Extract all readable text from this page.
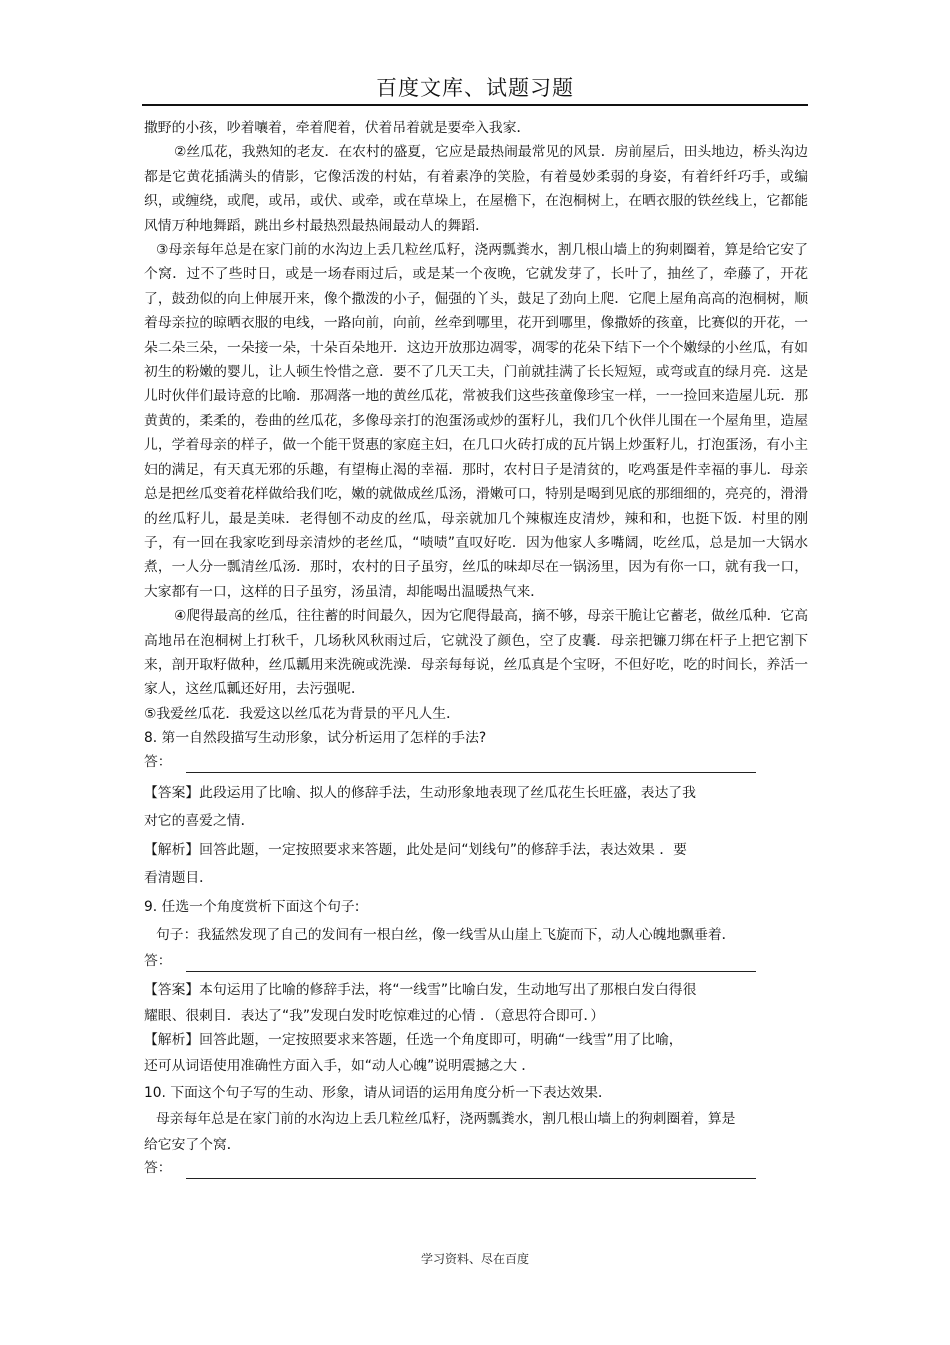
百度文库、试题习题

撒野的小孩，吵着嚷着，牵着爬着，伏着吊着就是要牵入我家．

②丝瓜花，我熟知的老友．在农村的盛夏，它应是最热闹最常见的风景．房前屋后，田头地边，桥头沟边都是它黄花插满头的倩影，它像活泼的村姑，有着素净的笑脸，有着曼妙柔弱的身姿，有着纤纤巧手，或编织，或缠绕，或爬，或吊，或伏、或牵，或在草垛上，在屋檐下，在泡桐树上，在晒衣服的铁丝线上，它都能风情万种地舞蹈，跳出乡村最热烈最热闹最动人的舞蹈．

③母亲每年总是在家门前的水沟边上丢几粒丝瓜籽，浇两瓢粪水，割几根山墙上的狗刺圈着，算是给它安了个窝．过不了些时日，或是一场春雨过后，或是某一个夜晚，它就发芽了，长叶了，抽丝了，牵藤了，开花了，鼓劲似的向上伸展开来，像个撒泼的小子，倔强的丫头，鼓足了劲向上爬．它爬上屋角高高的泡桐树，顺着母亲拉的晾晒衣服的电线，一路向前，向前，丝牵到哪里，花开到哪里，像撒娇的孩童，比赛似的开花，一朵二朵三朵，一朵接一朵，十朵百朵地开．这边开放那边凋零，凋零的花朵下结下一个个嫩绿的小丝瓜，有如初生的粉嫩的婴儿，让人顿生怜惜之意．要不了几天工夫，门前就挂满了长长短短，或弯或直的绿月亮．这是儿时伙伴们最诗意的比喻．那凋落一地的黄丝瓜花，常被我们这些孩童像珍宝一样，一一捡回来造屋儿玩．那黄黄的，柔柔的，卷曲的丝瓜花，多像母亲打的泡蛋汤或炒的蛋籽儿，我们几个伙伴儿围在一个屋角里，造屋儿，学着母亲的样子，做一个能干贤惠的家庭主妇，在几口火砖打成的瓦片锅上炒蛋籽儿，打泡蛋汤，有小主妇的满足，有天真无邪的乐趣，有望梅止渴的幸福．那时，农村日子是清贫的，吃鸡蛋是件幸福的事儿．母亲总是把丝瓜变着花样做给我们吃，嫩的就做成丝瓜汤，滑嫩可口，特别是喝到见底的那细细的，亮亮的，滑滑的丝瓜籽儿，最是美味．老得刨不动皮的丝瓜，母亲就加几个辣椒连皮清炒，辣和和，也挺下饭．村里的刚子，有一回在我家吃到母亲清炒的老丝瓜，“啧啧”直叹好吃．因为他家人多嘴阔，吃丝瓜，总是加一大锅水煮，一人分一瓢清丝瓜汤．那时，农村的日子虽穷，丝瓜的味却尽在一锅汤里，因为有你一口，就有我一口，大家都有一口，这样的日子虽穷，汤虽清，却能喝出温暖热气来．

④爬得最高的丝瓜，往往蓄的时间最久，因为它爬得最高，摘不够，母亲干脆让它蓄老，做丝瓜种．它高高地吊在泡桐树上打秋千，几场秋风秋雨过后，它就没了颜色，空了皮囊．母亲把镰刀绑在杆子上把它割下来，剖开取籽做种，丝瓜瓤用来洗碗或洗澡．母亲每每说，丝瓜真是个宝呀，不但好吃，吃的时间长，养活一家人，这丝瓜瓤还好用，去污强呢．

⑤我爱丝瓜花．我爱这以丝瓜花为背景的平凡人生．

8. 第一自然段描写生动形象，试分析运用了怎样的手法?

答：

【答案】此段运用了比喻、拟人的修辞手法，生动形象地表现了丝瓜花生长旺盛，表达了我

对它的喜爱之情．

【解析】回答此题，一定按照要求来答题，此处是问“划线句”的修辞手法，表达效果 ．要

看清题目．

9. 任选一个角度赏析下面这个句子:

句子：我猛然发现了自己的发间有一根白丝，像一线雪从山崖上飞旋而下，动人心魄地飘垂着．

答：

【答案】本句运用了比喻的修辞手法，将“一线雪”比喻白发，生动地写出了那根白发白得很

耀眼、很刺目．表达了“我”发现白发时吃惊难过的心情 ．（意思符合即可．）

【解析】回答此题，一定按照要求来答题，任选一个角度即可，明确“一线雪”用了比喻，

还可从词语使用准确性方面入手，如“动人心魄”说明震撼之大 ．

10. 下面这个句子写的生动、形象，请从词语的运用角度分析一下表达效果．

母亲每年总是在家门前的水沟边上丢几粒丝瓜籽，浇两瓢粪水，割几根山墙上的狗刺圈着，算是

给它安了个窝．

答：
学习资料、尽在百度
